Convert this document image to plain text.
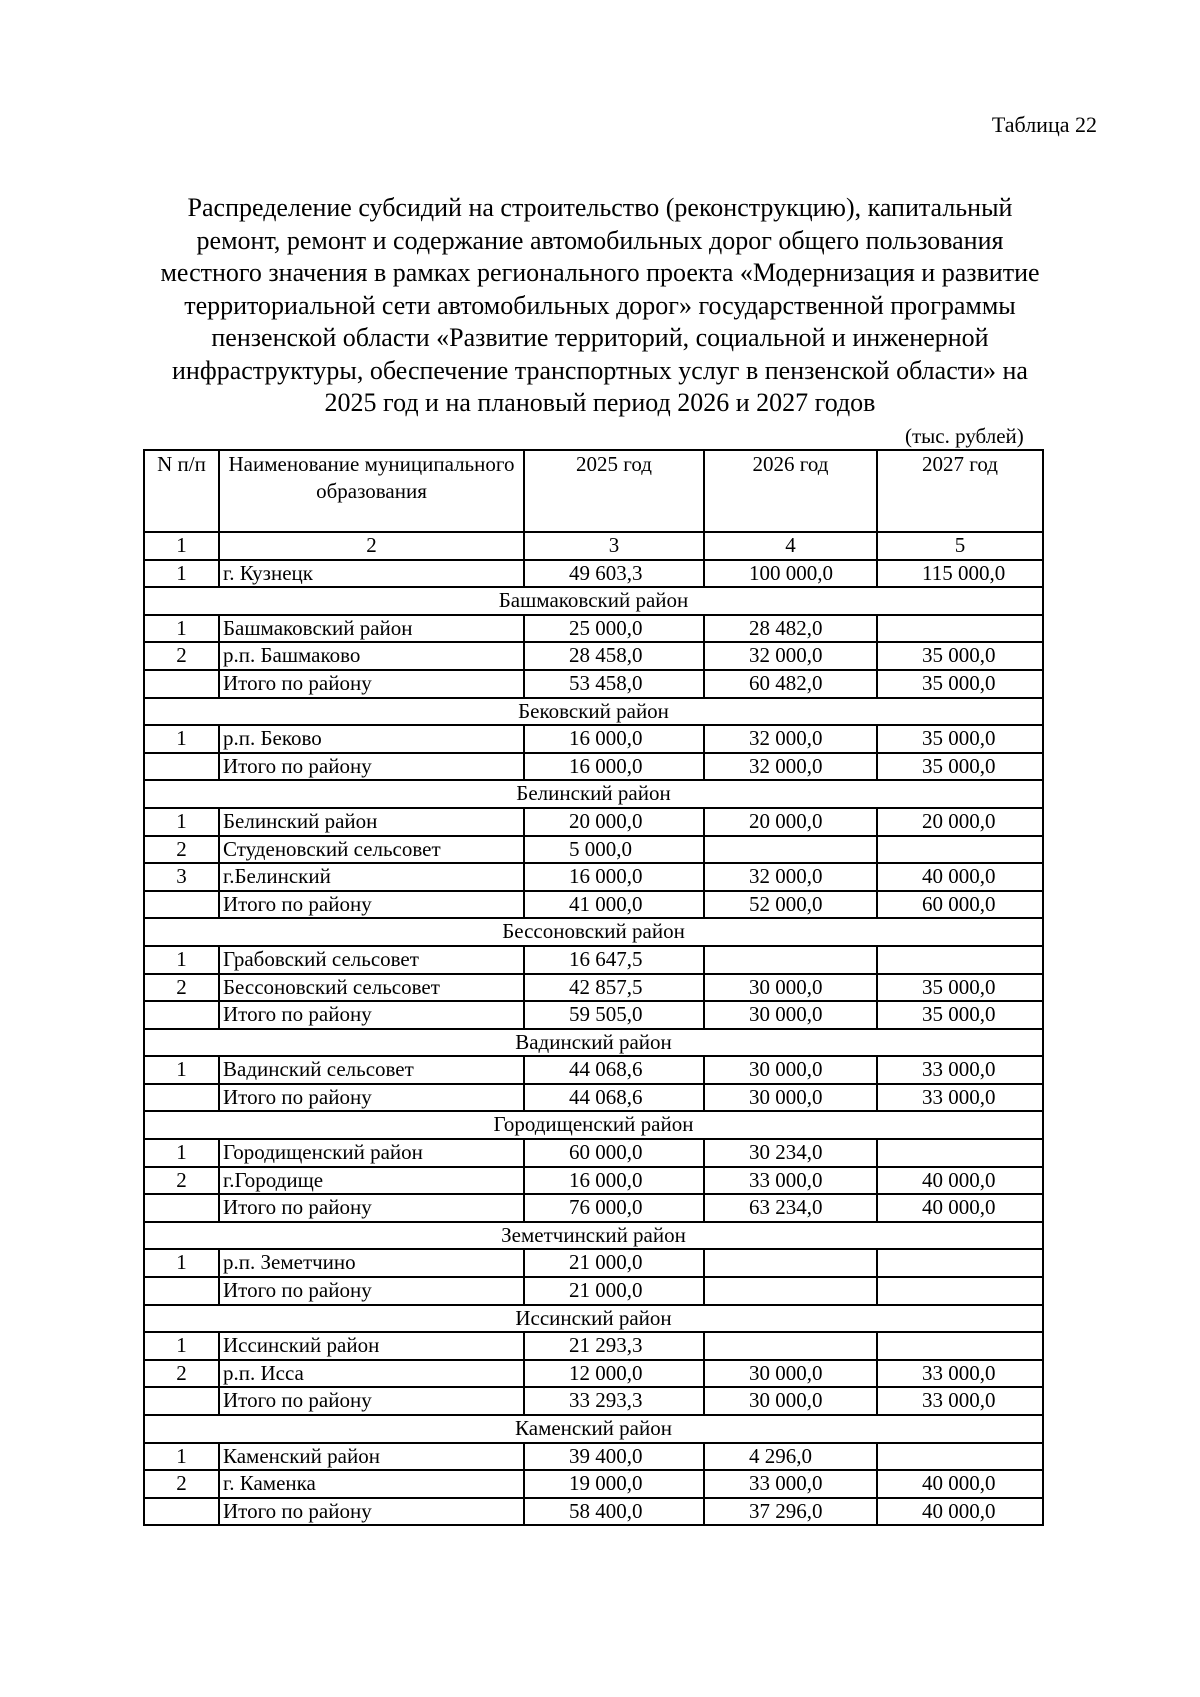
Таблица 22
Распределение субсидий на строительство (реконструкцию), капитальный
ремонт, ремонт и содержание автомобильных дорог общего пользования
местного значения в рамках регионального проекта «Модернизация и развитие
территориальной сети автомобильных дорог» государственной программы
пензенской области «Развитие территорий, социальной и инженерной
инфраструктуры, обеспечение транспортных услуг в пензенской области» на
2025 год и на плановый период 2026 и 2027 годов
(тыс. рублей)
N п/п	Наименование муниципального образования	2025 год	2026 год	2027 год
1	2	3	4	5
1	г. Кузнецк	49 603,3	100 000,0	115 000,0
Башмаковский район				
1	Башмаковский район	25 000,0	28 482,0	
2	р.п. Башмаково	28 458,0	32 000,0	35 000,0
	Итого по району	53 458,0	60 482,0	35 000,0
Бековский район				
1	р.п. Беково	16 000,0	32 000,0	35 000,0
	Итого по району	16 000,0	32 000,0	35 000,0
Белинский район				
1	Белинский район	20 000,0	20 000,0	20 000,0
2	Студеновский сельсовет	5 000,0		
3	г.Белинский	16 000,0	32 000,0	40 000,0
	Итого по району	41 000,0	52 000,0	60 000,0
Бессоновский район				
1	Грабовский сельсовет	16 647,5		
2	Бессоновский сельсовет	42 857,5	30 000,0	35 000,0
	Итого по району	59 505,0	30 000,0	35 000,0
Вадинский район				
1	Вадинский сельсовет	44 068,6	30 000,0	33 000,0
	Итого по району	44 068,6	30 000,0	33 000,0
Городищенский район				
1	Городищенский район	60 000,0	30 234,0	
2	г.Городище	16 000,0	33 000,0	40 000,0
	Итого по району	76 000,0	63 234,0	40 000,0
Земетчинский район				
1	р.п. Земетчино	21 000,0		
	Итого по району	21 000,0		
Иссинский район				
1	Иссинский район	21 293,3		
2	р.п. Исса	12 000,0	30 000,0	33 000,0
	Итого по району	33 293,3	30 000,0	33 000,0
Каменский район				
1	Каменский район	39 400,0	4 296,0	
2	г. Каменка	19 000,0	33 000,0	40 000,0
	Итого по району	58 400,0	37 296,0	40 000,0
